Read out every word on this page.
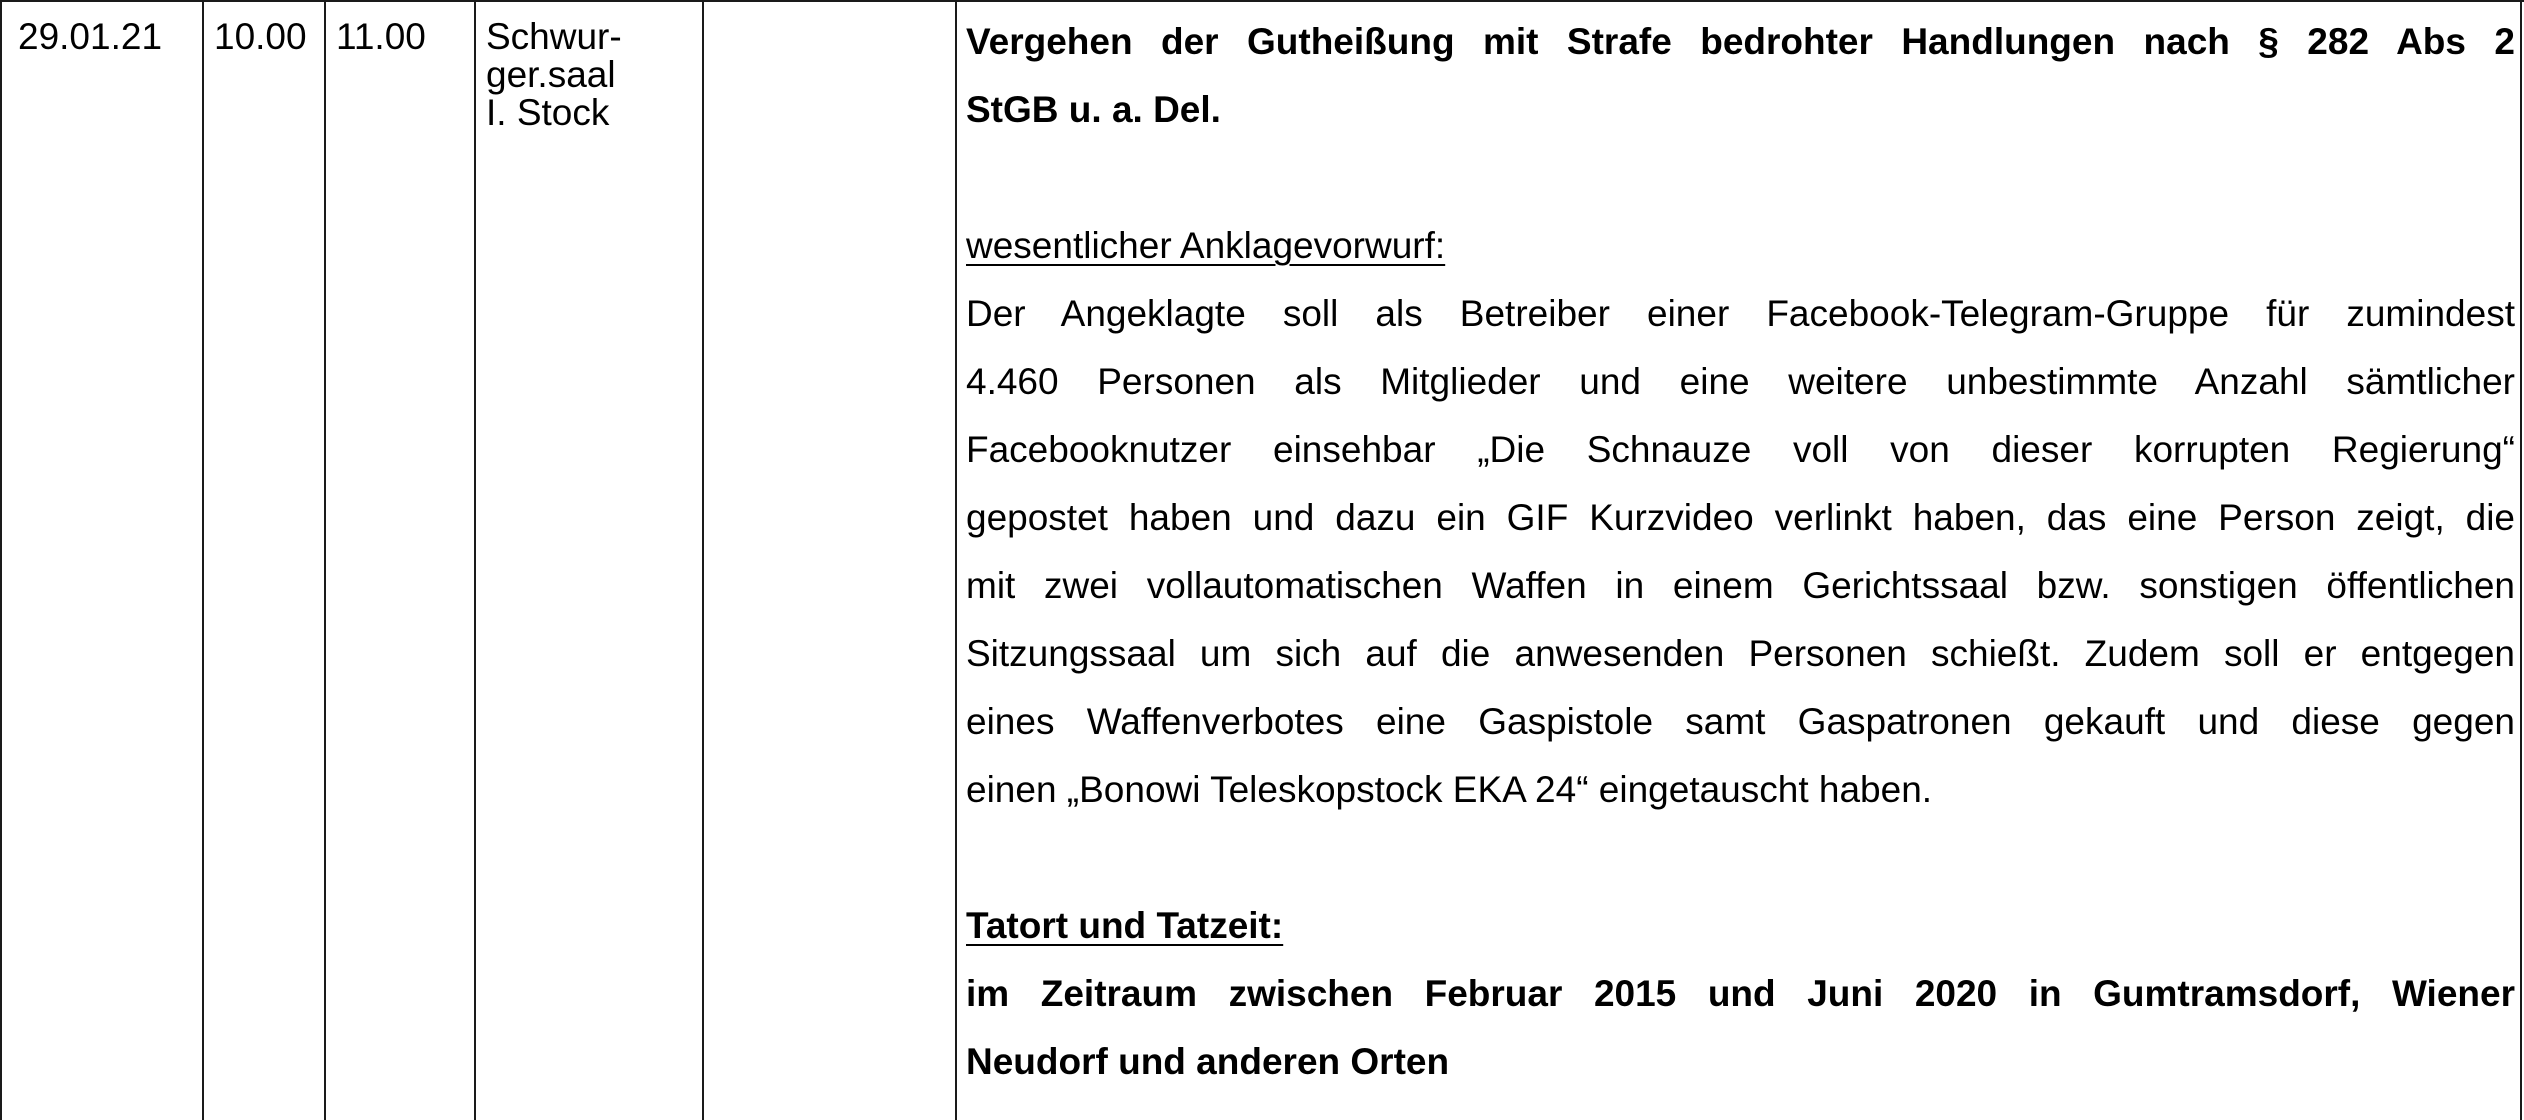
29.01.21 10.00 11.00 Schwur-
ger.saal
I. Stock
Vergehen der Gutheißung mit Strafe bedrohter Handlungen nach § 282 Abs 2
StGB u. a. Del.
wesentlicher Anklagevorwurf:
Der Angeklagte soll als Betreiber einer Facebook-Telegram-Gruppe für zumindest
4.460 Personen als Mitglieder und eine weitere unbestimmte Anzahl sämtlicher
Facebooknutzer einsehbar „Die Schnauze voll von dieser korrupten Regierung“
gepostet haben und dazu ein GIF Kurzvideo verlinkt haben, das eine Person zeigt, die
mit zwei vollautomatischen Waffen in einem Gerichtssaal bzw. sonstigen öffentlichen
Sitzungssaal um sich auf die anwesenden Personen schießt. Zudem soll er entgegen
eines Waffenverbotes eine Gaspistole samt Gaspatronen gekauft und diese gegen
einen „Bonowi Teleskopstock EKA 24“ eingetauscht haben.
Tatort und Tatzeit:
im Zeitraum zwischen Februar 2015 und Juni 2020 in Gumtramsdorf, Wiener
Neudorf und anderen Orten
